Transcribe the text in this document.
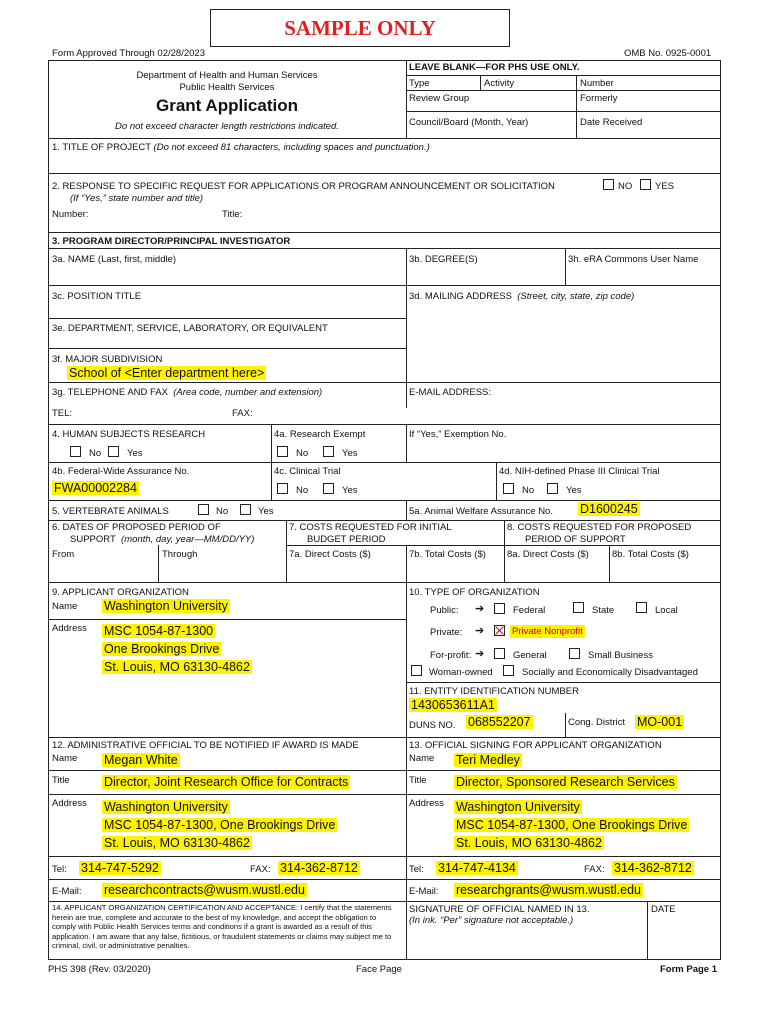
SAMPLE ONLY
Form Approved Through 02/28/2023	OMB No. 0925-0001
Department of Health and Human Services
Public Health Services
Grant Application
Do not exceed character length restrictions indicated.
LEAVE BLANK—FOR PHS USE ONLY.
Type	Activity	Number
Review Group	Formerly
Council/Board (Month, Year)	Date Received
1. TITLE OF PROJECT (Do not exceed 81 characters, including spaces and punctuation.)
2. RESPONSE TO SPECIFIC REQUEST FOR APPLICATIONS OR PROGRAM ANNOUNCEMENT OR SOLICITATION	NO YES
(If “Yes,” state number and title)
Number:	Title:
3. PROGRAM DIRECTOR/PRINCIPAL INVESTIGATOR
3a. NAME (Last, first, middle)	3b. DEGREE(S)	3h. eRA Commons User Name
3c. POSITION TITLE	3d. MAILING ADDRESS (Street, city, state, zip code)
3e. DEPARTMENT, SERVICE, LABORATORY, OR EQUIVALENT
3f. MAJOR SUBDIVISION
School of <Enter department here>
3g. TELEPHONE AND FAX (Area code, number and extension)	E-MAIL ADDRESS:
TEL:	FAX:
4. HUMAN SUBJECTS RESEARCH	4a. Research Exempt	If “Yes,” Exemption No.
No	Yes	No	Yes
4b. Federal-Wide Assurance No.	4c. Clinical Trial	4d. NIH-defined Phase III Clinical Trial
FWA00002284	No	Yes	No	Yes
5. VERTEBRATE ANIMALS	No	Yes	5a. Animal Welfare Assurance No. D1600245
6. DATES OF PROPOSED PERIOD OF
SUPPORT (month, day, year—MM/DD/YY)
7. COSTS REQUESTED FOR INITIAL
BUDGET PERIOD
8. COSTS REQUESTED FOR PROPOSED
PERIOD OF SUPPORT
From	Through	7a. Direct Costs ($)	7b. Total Costs ($) 8a. Direct Costs ($) 8b. Total Costs ($)
9. APPLICANT ORGANIZATION
Name Washington University
Address MSC 1054-87-1300
One Brookings Drive
St. Louis, MO 63130-4862
10. TYPE OF ORGANIZATION
Public: ➔	Federal	State	Local
Private: ➔	Private Nonprofit
For-profit: ➔	General	Small Business
Woman-owned	Socially and Economically Disadvantaged
11. ENTITY IDENTIFICATION NUMBER
1430653611A1
DUNS NO. 068552207	Cong. District MO-001
12. ADMINISTRATIVE OFFICIAL TO BE NOTIFIED IF AWARD IS MADE	13. OFFICIAL SIGNING FOR APPLICANT ORGANIZATION
Name Megan White	Name Teri Medley
Title	Director, Joint Research Office for Contracts	Title Director, Sponsored Research Services
Address Washington University
MSC 1054-87-1300, One Brookings Drive
St. Louis, MO 63130-4862
Address Washington University
MSC 1054-87-1300, One Brookings Drive
St. Louis, MO 63130-4862
Tel: 314-747-5292	FAX: 314-362-8712	Tel: 314-747-4134	FAX: 314-362-8712
E-Mail: researchcontracts@wusm.wustl.edu	E-Mail: researchgrants@wusm.wustl.edu
14. APPLICANT ORGANIZATION CERTIFICATION AND ACCEPTANCE: I certify that the statements herein are true, complete and accurate to the best of my knowledge, and accept the obligation to comply with Public Health Services terms and conditions if a grant is awarded as a result of this application. I am aware that any false, fictitious, or fraudulent statements or claims may subject me to criminal, civil, or administrative penalties.
SIGNATURE OF OFFICIAL NAMED IN 13.
(In ink. “Per” signature not acceptable.)
DATE
PHS 398 (Rev. 03/2020)	Face Page	Form Page 1
